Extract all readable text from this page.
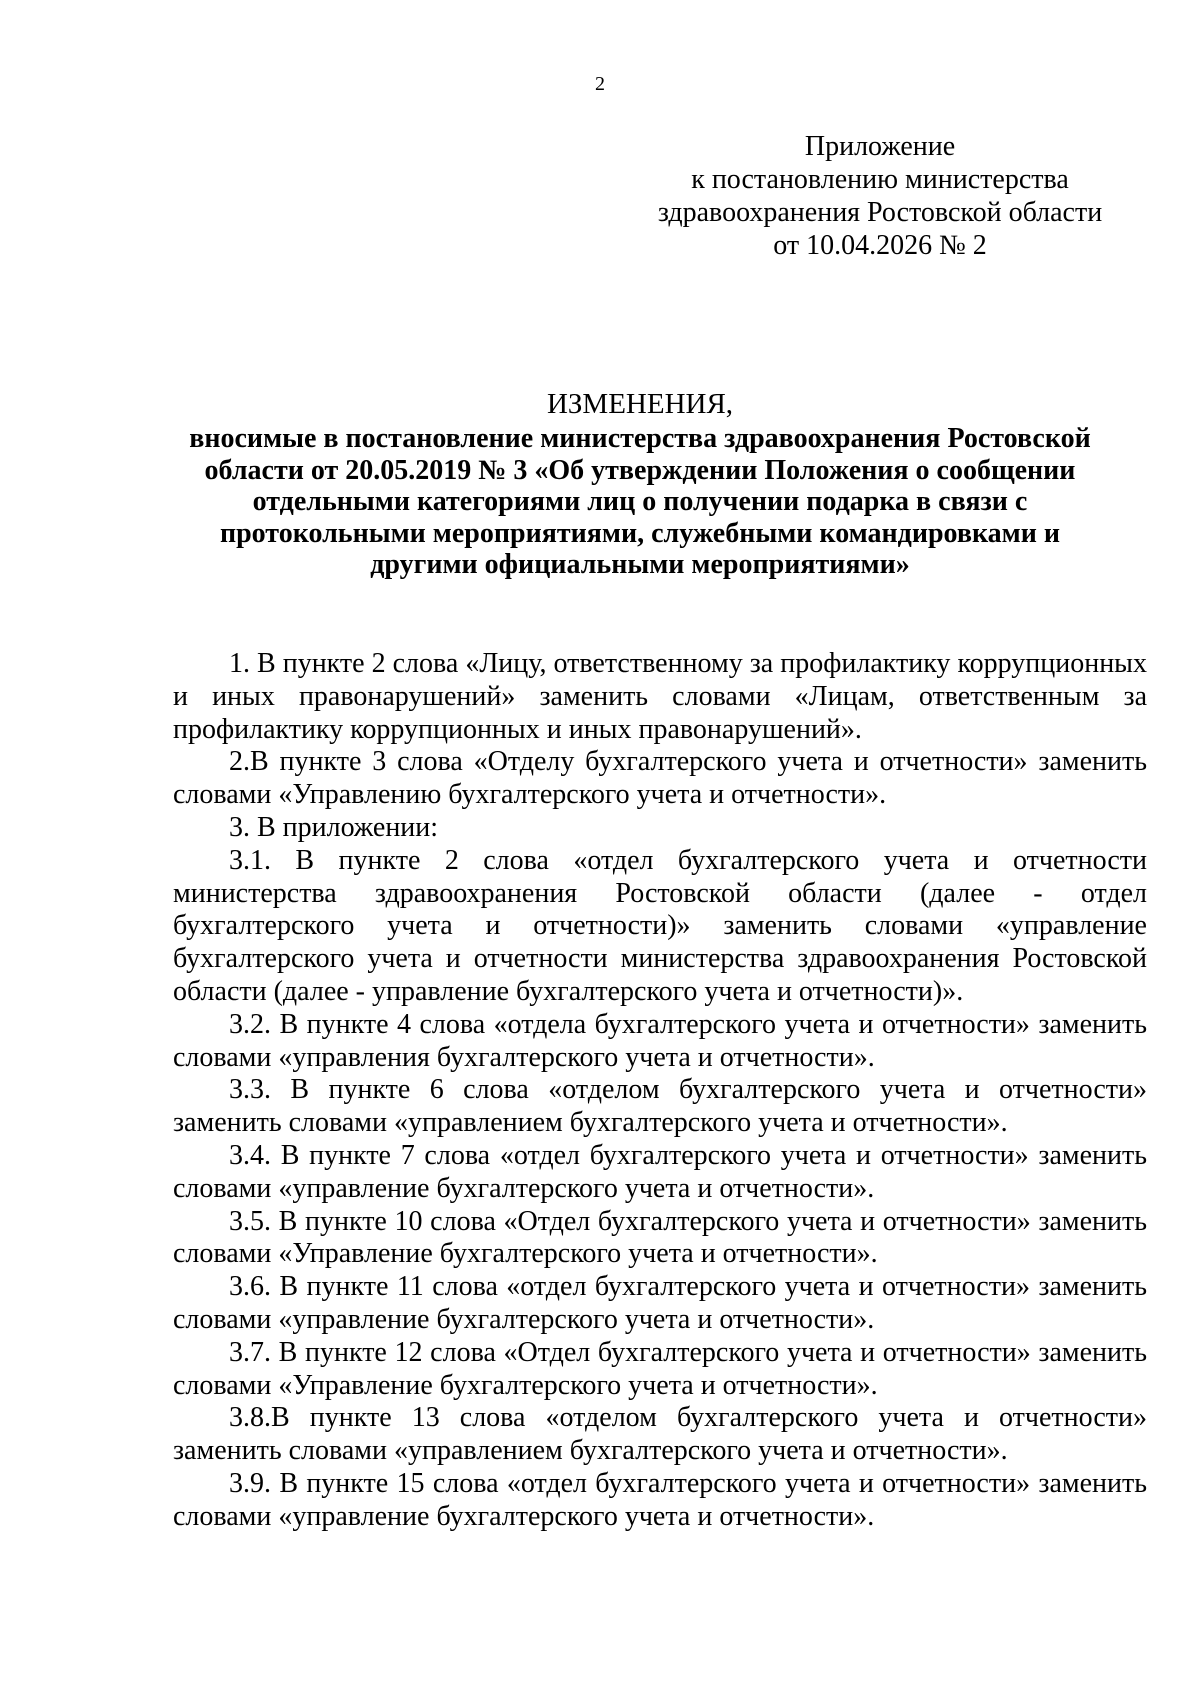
2
Приложение
к постановлению министерства
здравоохранения Ростовской области
от 10.04.2026 № 2
ИЗМЕНЕНИЯ,
вносимые в постановление министерства здравоохранения Ростовской области от 20.05.2019 № 3 «Об утверждении Положения о сообщении отдельными категориями лиц о получении подарка в связи с протокольными мероприятиями, служебными командировками и другими официальными мероприятиями»

1. В пункте 2 слова «Лицу, ответственному за профилактику коррупционных и иных правонарушений» заменить словами «Лицам, ответственным за профилактику коррупционных и иных правонарушений».

2.В пункте 3 слова «Отделу бухгалтерского учета и отчетности» заменить словами «Управлению бухгалтерского учета и отчетности».

3. В приложении:

3.1. В пункте 2 слова «отдел бухгалтерского учета и отчетности министерства здравоохранения Ростовской области (далее - отдел бухгалтерского учета и отчетности)» заменить словами «управление бухгалтерского учета и отчетности министерства здравоохранения Ростовской области (далее - управление бухгалтерского учета и отчетности)».

3.2. В пункте 4 слова «отдела бухгалтерского учета и отчетности» заменить словами «управления бухгалтерского учета и отчетности».

3.3. В пункте 6 слова «отделом бухгалтерского учета и отчетности» заменить словами «управлением бухгалтерского учета и отчетности».

3.4. В пункте 7 слова «отдел бухгалтерского учета и отчетности» заменить словами «управление бухгалтерского учета и отчетности».

3.5. В пункте 10 слова «Отдел бухгалтерского учета и отчетности» заменить словами «Управление бухгалтерского учета и отчетности».

3.6. В пункте 11 слова «отдел бухгалтерского учета и отчетности» заменить словами «управление бухгалтерского учета и отчетности».

3.7. В пункте 12 слова «Отдел бухгалтерского учета и отчетности» заменить словами «Управление бухгалтерского учета и отчетности».

3.8.В пункте 13 слова «отделом бухгалтерского учета и отчетности» заменить словами «управлением бухгалтерского учета и отчетности».

3.9. В пункте 15 слова «отдел бухгалтерского учета и отчетности» заменить словами «управление бухгалтерского учета и отчетности».
